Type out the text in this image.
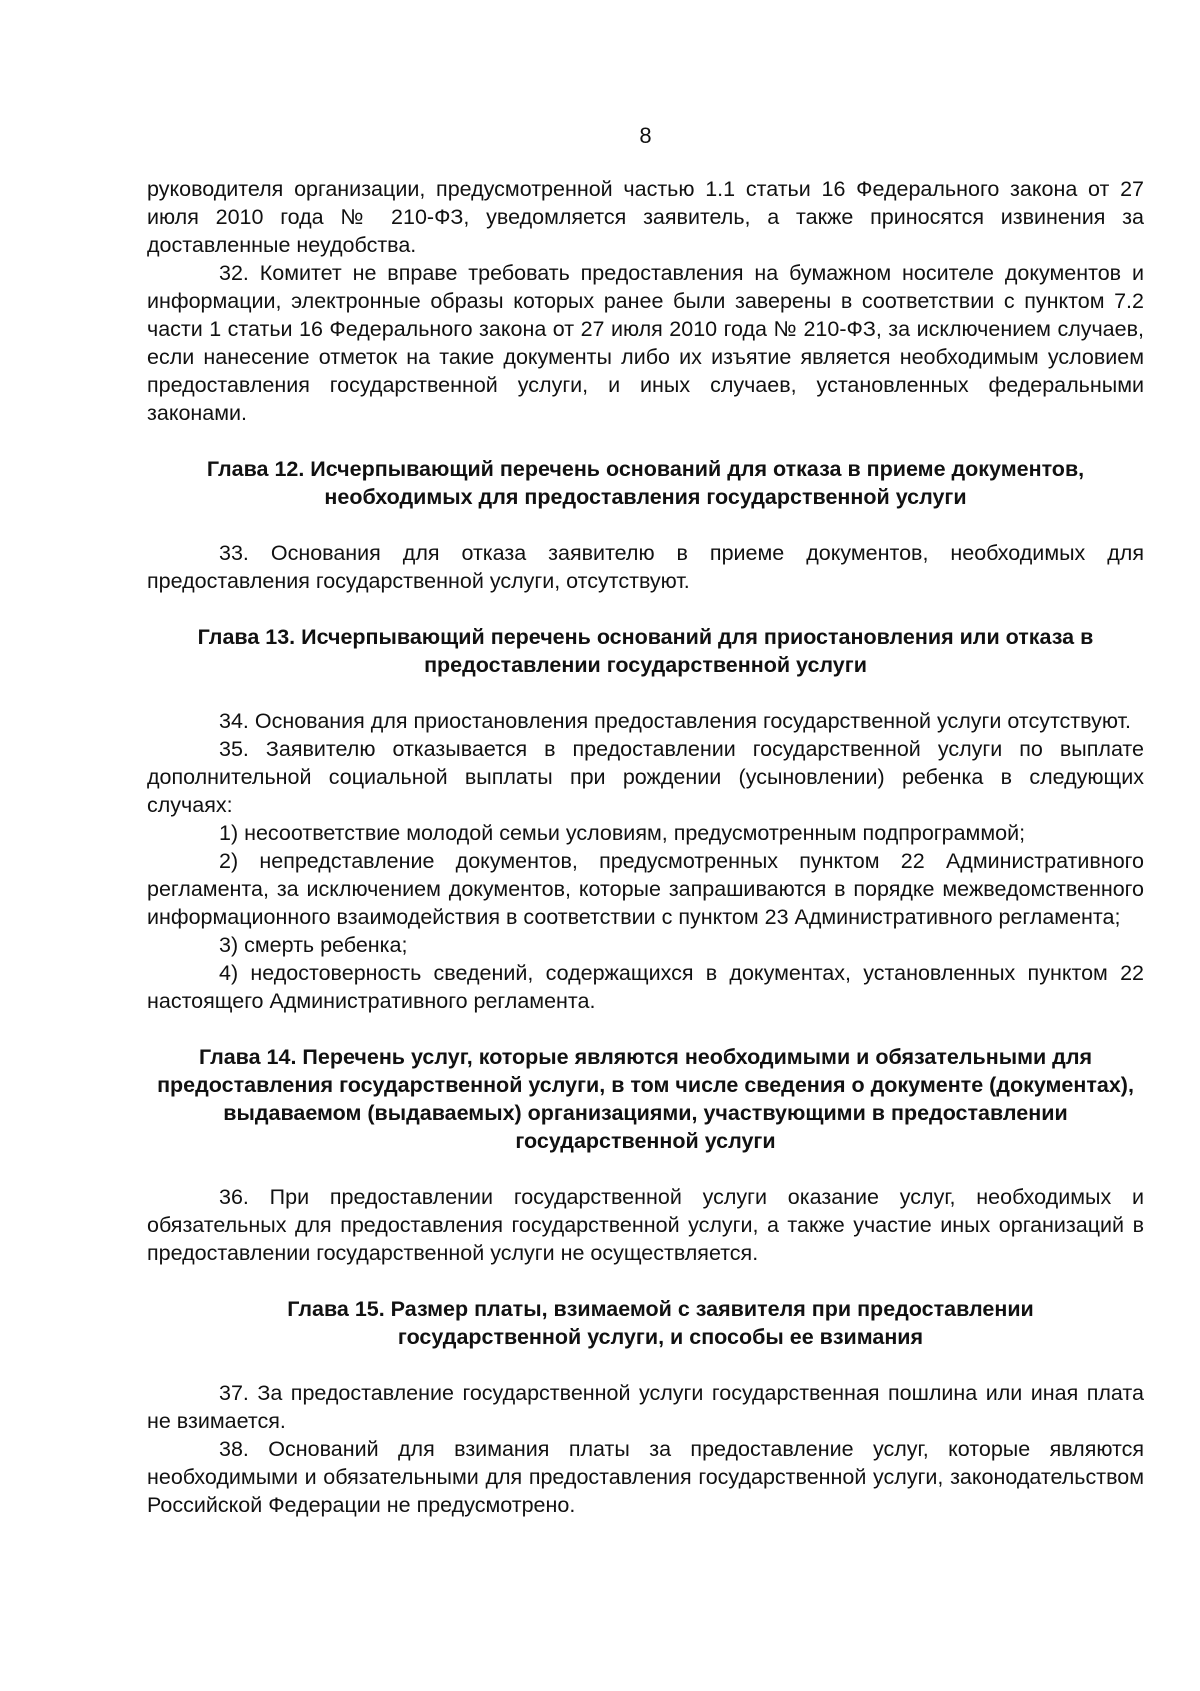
8

руководителя организации, предусмотренной частью 1.1 статьи 16 Федерального закона от 27 июля 2010 года № 210-ФЗ, уведомляется заявитель, а также приносятся извинения за доставленные неудобства.

32. Комитет не вправе требовать предоставления на бумажном носителе документов и информации, электронные образы которых ранее были заверены в соответствии с пунктом 7.2 части 1 статьи 16 Федерального закона от 27 июля 2010 года № 210-ФЗ, за исключением случаев, если нанесение отметок на такие документы либо их изъятие является необходимым условием предоставления государственной услуги, и иных случаев, установленных федеральными законами.

Глава 12. Исчерпывающий перечень оснований для отказа в приеме документов, необходимых для предоставления государственной услуги

33. Основания для отказа заявителю в приеме документов, необходимых для предоставления государственной услуги, отсутствуют.

Глава 13. Исчерпывающий перечень оснований для приостановления или отказа в предоставлении государственной услуги

34. Основания для приостановления предоставления государственной услуги отсутствуют.

35. Заявителю отказывается в предоставлении государственной услуги по выплате дополнительной социальной выплаты при рождении (усыновлении) ребенка в следующих случаях:

1) несоответствие молодой семьи условиям, предусмотренным подпрограммой;

2) непредставление документов, предусмотренных пунктом 22 Административного регламента, за исключением документов, которые запрашиваются в порядке межведомственного информационного взаимодействия в соответствии с пунктом 23 Административного регламента;

3) смерть ребенка;

4) недостоверность сведений, содержащихся в документах, установленных пунктом 22 настоящего Административного регламента.

Глава 14. Перечень услуг, которые являются необходимыми и обязательными для предоставления государственной услуги, в том числе сведения о документе (документах), выдаваемом (выдаваемых) организациями, участвующими в предоставлении государственной услуги

36. При предоставлении государственной услуги оказание услуг, необходимых и обязательных для предоставления государственной услуги, а также участие иных организаций в предоставлении государственной услуги не осуществляется.

Глава 15. Размер платы, взимаемой с заявителя при предоставлении государственной услуги, и способы ее взимания

37. За предоставление государственной услуги государственная пошлина или иная плата не взимается.

38. Оснований для взимания платы за предоставление услуг, которые являются необходимыми и обязательными для предоставления государственной услуги, законодательством Российской Федерации не предусмотрено.
